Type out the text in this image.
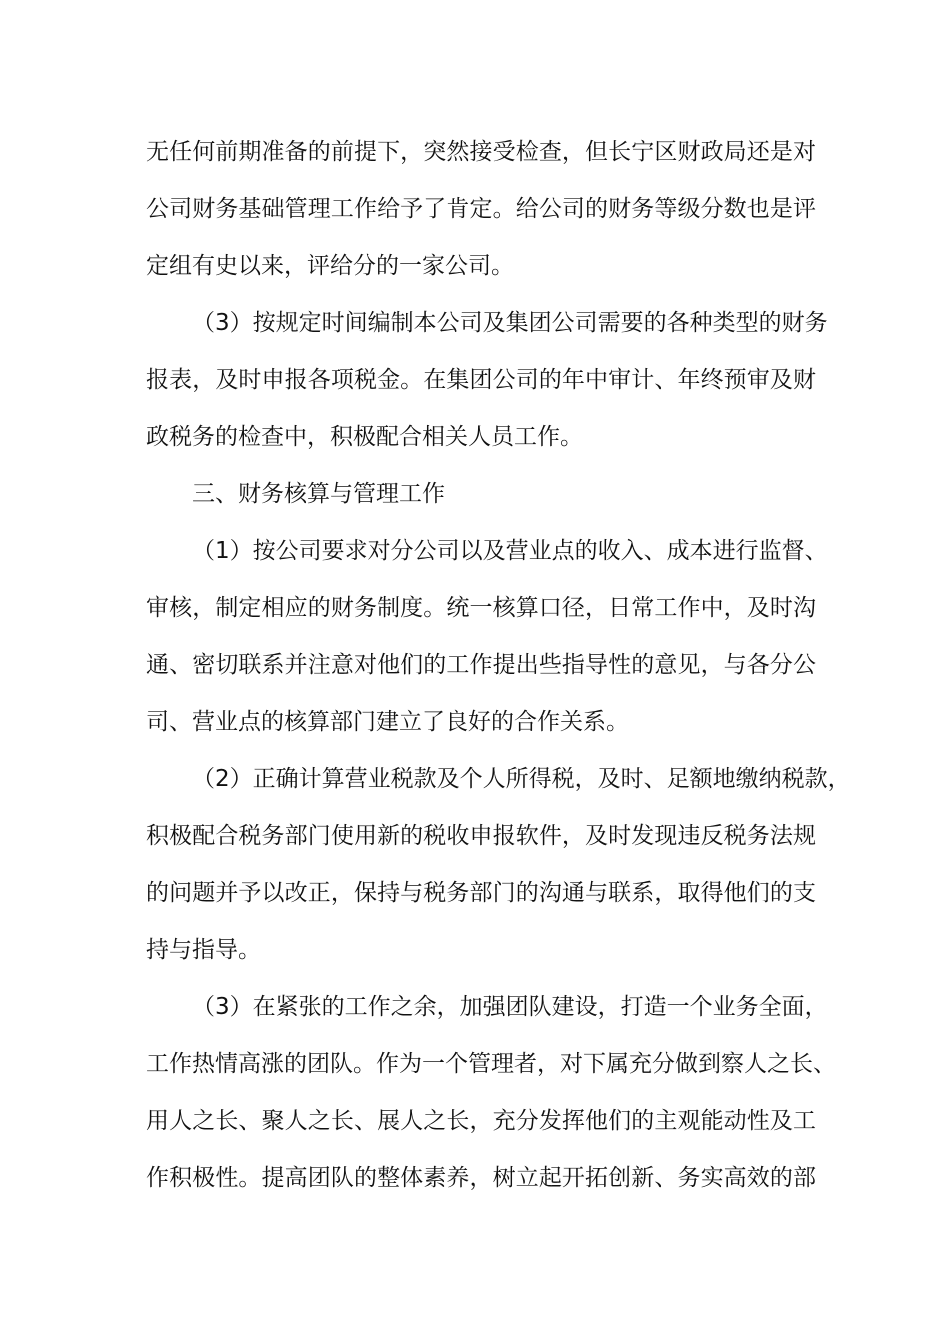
无任何前期准备的前提下，突然接受检查，但长宁区财政局还是对
公司财务基础管理工作给予了肯定。给公司的财务等级分数也是评
定组有史以来，评给分的一家公司。
（3）按规定时间编制本公司及集团公司需要的各种类型的财务
报表，及时申报各项税金。在集团公司的年中审计、年终预审及财
政税务的检查中，积极配合相关人员工作。
三、财务核算与管理工作
（1）按公司要求对分公司以及营业点的收入、成本进行监督、
审核，制定相应的财务制度。统一核算口径，日常工作中，及时沟
通、密切联系并注意对他们的工作提出些指导性的意见，与各分公
司、营业点的核算部门建立了良好的合作关系。
（2）正确计算营业税款及个人所得税，及时、足额地缴纳税款，
积极配合税务部门使用新的税收申报软件，及时发现违反税务法规
的问题并予以改正，保持与税务部门的沟通与联系，取得他们的支
持与指导。
（3）在紧张的工作之余，加强团队建设，打造一个业务全面，
工作热情高涨的团队。作为一个管理者，对下属充分做到察人之长、
用人之长、聚人之长、展人之长，充分发挥他们的主观能动性及工
作积极性。提高团队的整体素养，树立起开拓创新、务实高效的部
